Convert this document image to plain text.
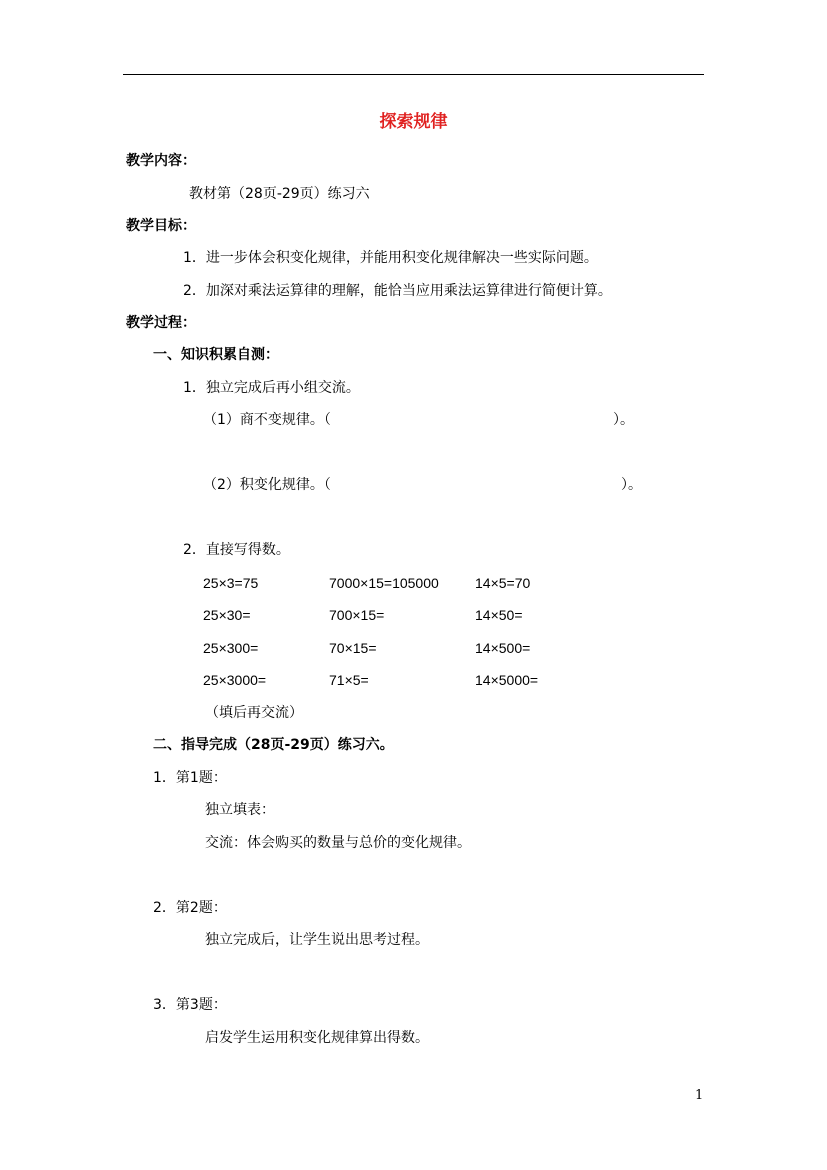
探索规律
教学内容：
教材第（28页-29页）练习六
教学目标：
1．进一步体会积变化规律，并能用积变化规律解决一些实际问题。
2．加深对乘法运算律的理解，能恰当应用乘法运算律进行简便计算。
教学过程：
一、知识积累自测：
1．独立完成后再小组交流。
（1）商不变规律。（	）。
（2）积变化规律。（	）。
2．直接写得数。
25×3=75	7000×15=105000	14×5=70
25×30=	700×15=	14×50=
25×300=	70×15=	14×500=
25×3000=	71×5=	14×5000=
（填后再交流）
二、指导完成（28页-29页）练习六。
1．第1题：
独立填表：
交流：体会购买的数量与总价的变化规律。
2．第2题：
独立完成后，让学生说出思考过程。
3．第3题：
启发学生运用积变化规律算出得数。
1
